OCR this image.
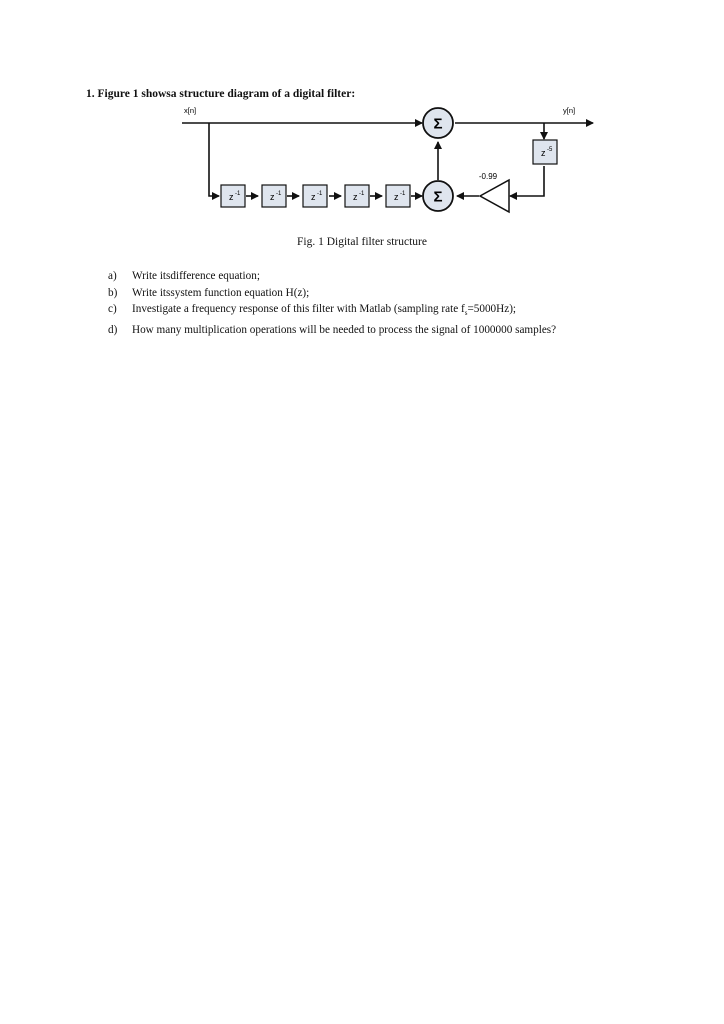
1. Figure 1 showsa structure diagram of a digital filter:
z -1	z -1	z -1	z -1	z -1
Σ
Σ
z -5
-0.99
x[n]	y[n]
Fig. 1 Digital filter structure
a) Write itsdifference equation;
b) Write itssystem function equation H(z);
c) Investigate a frequency response of this filter with Matlab (sampling rate $f_s=5000Hz$);
d) How many multiplication operations will be needed to process the signal of 1000000 samples?
